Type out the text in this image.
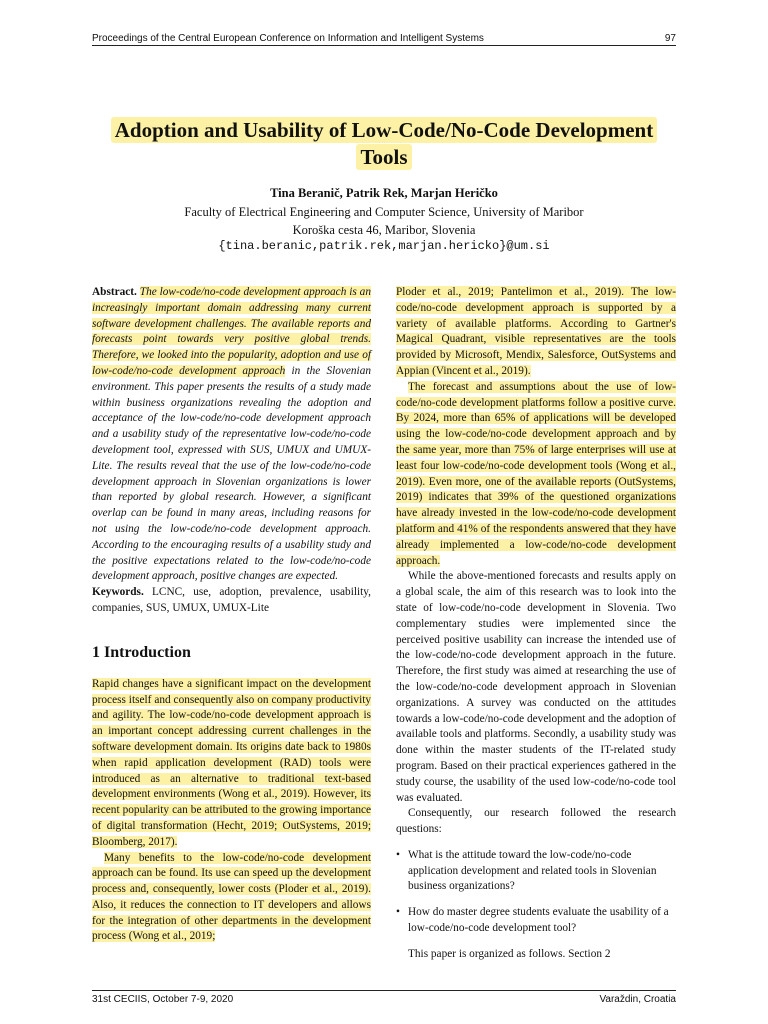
Proceedings of the Central European Conference on Information and Intelligent Systems	97
Adoption and Usability of Low-Code/No-Code Development
Tools
Tina Beranič, Patrik Rek, Marjan Heričko
Faculty of Electrical Engineering and Computer Science, University of Maribor
Koroška cesta 46, Maribor, Slovenia
{tina.beranic,patrik.rek,marjan.hericko}@um.si

Abstract. The low-code/no-code development approach is an increasingly important domain addressing many current software development challenges. The available reports and forecasts point towards very positive global trends. Therefore, we looked into the popularity, adoption and use of low-code/no-code development approach in the Slovenian environment. This paper presents the results of a study made within business organizations revealing the adoption and acceptance of the low-code/no-code development approach and a usability study of the representative low-code/no-code development tool, expressed with SUS, UMUX and UMUX-Lite. The results reveal that the use of the low-code/no-code development approach in Slovenian organizations is lower than reported by global research. However, a significant overlap can be found in many areas, including reasons for not using the low-code/no-code development approach. According to the encouraging results of a usability study and the positive expectations related to the low-code/no-code development approach, positive changes are expected.

Keywords. LCNC, use, adoption, prevalence, usability, companies, SUS, UMUX, UMUX-Lite

1 Introduction

Rapid changes have a significant impact on the development process itself and consequently also on company productivity and agility. The low-code/no-code development approach is an important concept addressing current challenges in the software development domain. Its origins date back to 1980s when rapid application development (RAD) tools were introduced as an alternative to traditional text-based development environments (Wong et al., 2019). However, its recent popularity can be attributed to the growing importance of digital transformation (Hecht, 2019; OutSystems, 2019; Bloomberg, 2017).

Many benefits to the low-code/no-code development approach can be found. Its use can speed up the development process and, consequently, lower costs (Ploder et al., 2019). Also, it reduces the connection to IT developers and allows for the integration of other departments in the development process (Wong et al., 2019;

Ploder et al., 2019; Pantelimon et al., 2019). The low-code/no-code development approach is supported by a variety of available platforms. According to Gartner's Magical Quadrant, visible representatives are the tools provided by Microsoft, Mendix, Salesforce, OutSystems and Appian (Vincent et al., 2019).

The forecast and assumptions about the use of low-code/no-code development platforms follow a positive curve. By 2024, more than 65% of applications will be developed using the low-code/no-code development approach and by the same year, more than 75% of large enterprises will use at least four low-code/no-code development tools (Wong et al., 2019). Even more, one of the available reports (OutSystems, 2019) indicates that 39% of the questioned organizations have already invested in the low-code/no-code development platform and 41% of the respondents answered that they have already implemented a low-code/no-code development approach.

While the above-mentioned forecasts and results apply on a global scale, the aim of this research was to look into the state of low-code/no-code development in Slovenia. Two complementary studies were implemented since the perceived positive usability can increase the intended use of the low-code/no-code development approach in the future. Therefore, the first study was aimed at researching the use of the low-code/no-code development approach in Slovenian organizations. A survey was conducted on the attitudes towards a low-code/no-code development and the adoption of available tools and platforms. Secondly, a usability study was done within the master students of the IT-related study program. Based on their practical experiences gathered in the study course, the usability of the used low-code/no-code tool was evaluated.

Consequently, our research followed the research questions:

• What is the attitude toward the low-code/no-code application development and related tools in Slovenian business organizations?
• How do master degree students evaluate the usability of a low-code/no-code development tool?

This paper is organized as follows. Section 2

31st CECIIS, October 7-9, 2020	Varaždin, Croatia
